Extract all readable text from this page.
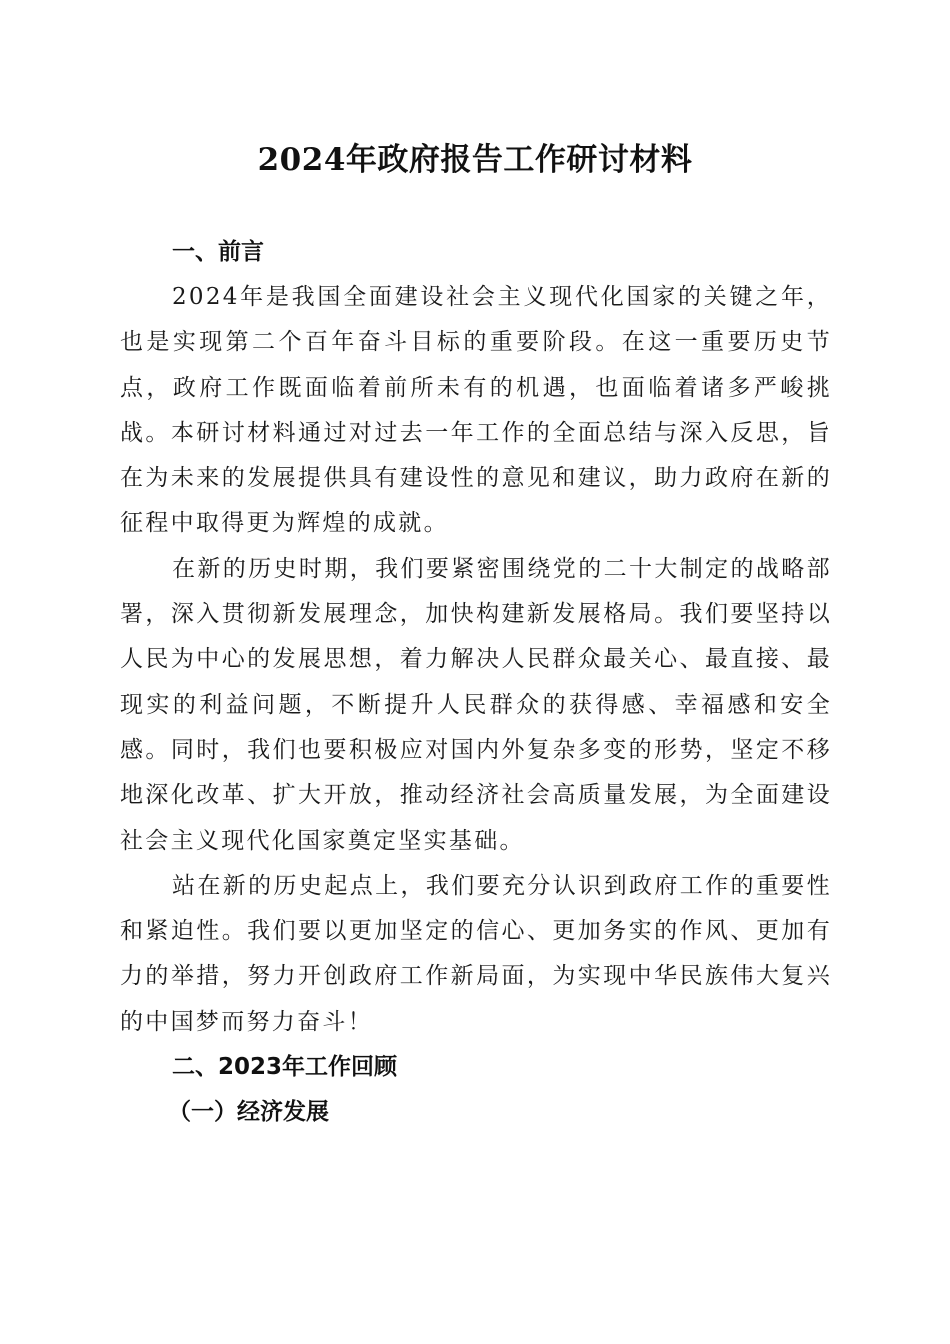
2024年政府报告工作研讨材料

一、前言

2024年是我国全面建设社会主义现代化国家的关键之年，也是实现第二个百年奋斗目标的重要阶段。在这一重要历史节点，政府工作既面临着前所未有的机遇，也面临着诸多严峻挑战。本研讨材料通过对过去一年工作的全面总结与深入反思，旨在为未来的发展提供具有建设性的意见和建议，助力政府在新的征程中取得更为辉煌的成就。

在新的历史时期，我们要紧密围绕党的二十大制定的战略部署，深入贯彻新发展理念，加快构建新发展格局。我们要坚持以人民为中心的发展思想，着力解决人民群众最关心、最直接、最现实的利益问题，不断提升人民群众的获得感、幸福感和安全感。同时，我们也要积极应对国内外复杂多变的形势，坚定不移地深化改革、扩大开放，推动经济社会高质量发展，为全面建设社会主义现代化国家奠定坚实基础。

站在新的历史起点上，我们要充分认识到政府工作的重要性和紧迫性。我们要以更加坚定的信心、更加务实的作风、更加有力的举措，努力开创政府工作新局面，为实现中华民族伟大复兴的中国梦而努力奋斗！

二、2023年工作回顾

（一）经济发展
